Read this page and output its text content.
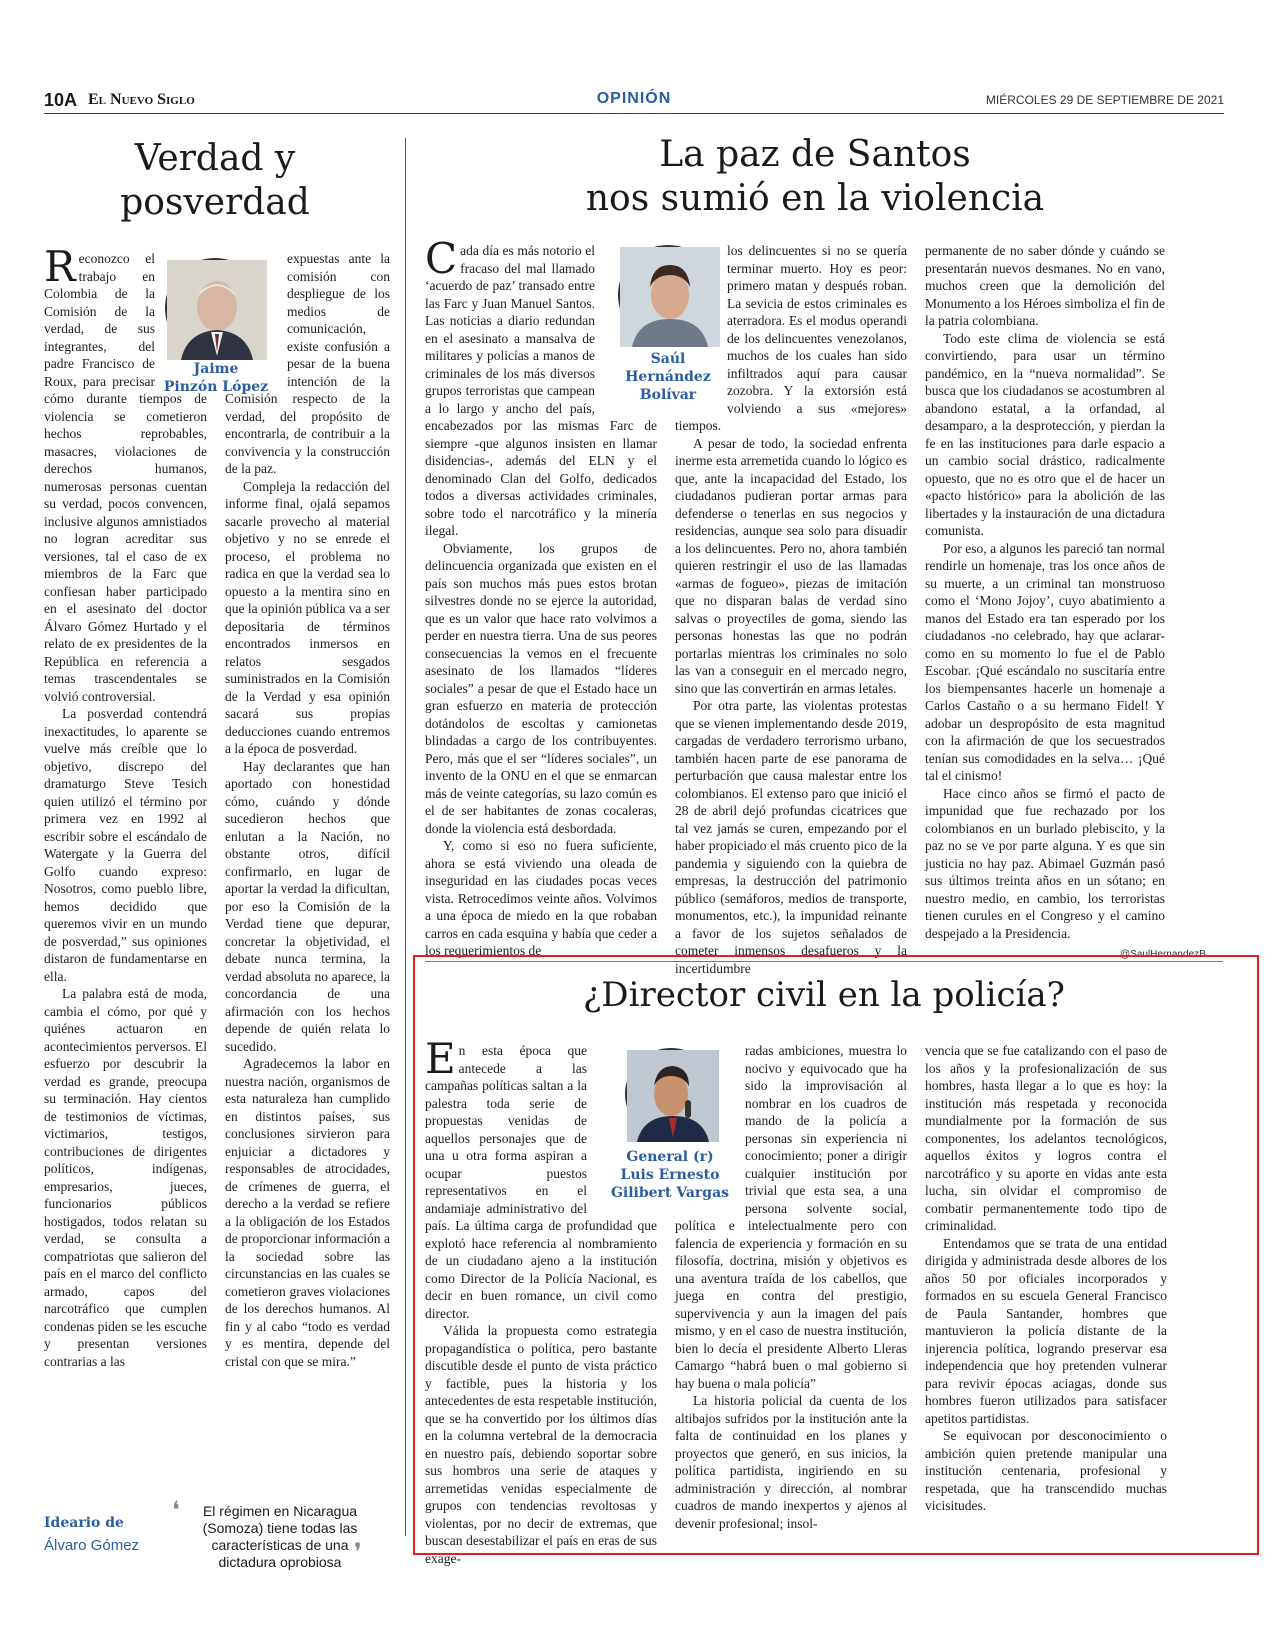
10A El Nuevo Siglo	OPINIÓN	MIÉRCOLES 29 DE SEPTIEMBRE DE 2021
Verdad y posverdad

Reconozco el trabajo en Colombia de la Comisión de la verdad, de sus integrantes, del padre Francisco de Roux, para precisar cómo durante tiempos de violencia se cometieron hechos reprobables, masacres, violaciones de derechos humanos, numerosas personas cuentan su verdad, pocos convencen, inclusive algunos amnistiados no logran acreditar sus versiones, tal el caso de ex miembros de la Farc que confiesan haber participado en el asesinato del doctor Álvaro Gómez Hurtado y el relato de ex presidentes de la República en referencia a temas trascendentales se volvió controversial.

La posverdad contendrá inexactitudes, lo aparente se vuelve más creíble que lo objetivo, discrepo del dramaturgo Steve Tesich quien utilizó el término por primera vez en 1992 al escribir sobre el escándalo de Watergate y la Guerra del Golfo cuando expreso: Nosotros, como pueblo libre, hemos decidido que queremos vivir en un mundo de posverdad,” sus opiniones distaron de fundamentarse en ella.

La palabra está de moda, cambia el cómo, por qué y quiénes actuaron en acontecimientos perversos. El esfuerzo por descubrir la verdad es grande, preocupa su terminación. Hay cientos de testimonios de víctimas, victimarios, testigos, contribuciones de dirigentes políticos, indígenas, empresarios, jueces, funcionarios públicos hostigados, todos relatan su verdad, se consulta a compatriotas que salieron del país en el marco del conflicto armado, capos del narcotráfico que cumplen condenas piden se les escuche y presentan versiones contrarias a las

Jaime
Pinzón López

expuestas ante la comisión con despliegue de los medios de comunicación, existe confusión a pesar de la buena intención de la Comisión respecto de la verdad, del propósito de encontrarla, de contribuir a la convivencia y la construcción de la paz.

Compleja la redacción del informe final, ojalá sepamos sacarle provecho al material objetivo y no se enrede el proceso, el problema no radica en que la verdad sea lo opuesto a la mentira sino en que la opinión pública va a ser depositaria de términos encontrados inmersos en relatos sesgados suministrados en la Comisión de la Verdad y esa opinión sacará sus propias deducciones cuando entremos a la época de posverdad.

Hay declarantes que han aportado con honestidad cómo, cuándo y dónde sucedieron hechos que enlutan a la Nación, no obstante otros, difícil confirmarlo, en lugar de aportar la verdad la dificultan, por eso la Comisión de la Verdad tiene que depurar, concretar la objetividad, el debate nunca termina, la verdad absoluta no aparece, la concordancia de una afirmación con los hechos depende de quién relata lo sucedido.

Agradecemos la labor en nuestra nación, organismos de esta naturaleza han cumplido en distintos países, sus conclusiones sirvieron para enjuiciar a dictadores y responsables de atrocidades, de crímenes de guerra, el derecho a la verdad se refiere a la obligación de los Estados de proporcionar información a la sociedad sobre las circunstancias en las cuales se cometieron graves violaciones de los derechos humanos. Al fin y al cabo “todo es verdad y es mentira, depende del cristal con que se mira.”

Ideario de
Álvaro Gómez
❛	El régimen en Nicaragua (Somoza) tiene todas las características de una dictadura oprobiosa ❜
La paz de Santos
nos sumió en la violencia

Cada día es más notorio el fracaso del mal llamado ‘acuerdo de paz’ transado entre las Farc y Juan Manuel Santos. Las noticias a diario redundan en el asesinato a mansalva de militares y policías a manos de criminales de los más diversos grupos terroristas que campean a lo largo y ancho del país, encabezados por las mismas Farc de siempre -que algunos insisten en llamar disidencias-, además del ELN y el denominado Clan del Golfo, dedicados todos a diversas actividades criminales, sobre todo el narcotráfico y la minería ilegal.

Obviamente, los grupos de delincuencia organizada que existen en el país son muchos más pues estos brotan silvestres donde no se ejerce la autoridad, que es un valor que hace rato volvimos a perder en nuestra tierra. Una de sus peores consecuencias la vemos en el frecuente asesinato de los llamados “líderes sociales” a pesar de que el Estado hace un gran esfuerzo en materia de protección dotándolos de escoltas y camionetas blindadas a cargo de los contribuyentes. Pero, más que el ser “líderes sociales”, un invento de la ONU en el que se enmarcan más de veinte categorías, su lazo común es el de ser habitantes de zonas cocaleras, donde la violencia está desbordada.

Y, como si eso no fuera suficiente, ahora se está viviendo una oleada de inseguridad en las ciudades pocas veces vista. Retrocedimos veinte años. Volvimos a una época de miedo en la que robaban carros en cada esquina y había que ceder a los requerimientos de

Saúl
Hernández
Bolívar

los delincuentes si no se quería terminar muerto. Hoy es peor: primero matan y después roban. La sevicia de estos criminales es aterradora. Es el modus operandi de los delincuentes venezolanos, muchos de los cuales han sido infiltrados aquí para causar zozobra. Y la extorsión está volviendo a sus «mejores» tiempos.

A pesar de todo, la sociedad enfrenta inerme esta arremetida cuando lo lógico es que, ante la incapacidad del Estado, los ciudadanos pudieran portar armas para defenderse o tenerlas en sus negocios y residencias, aunque sea solo para disuadir a los delincuentes. Pero no, ahora también quieren restringir el uso de las llamadas «armas de fogueo», piezas de imitación que no disparan balas de verdad sino salvas o proyectiles de goma, siendo las personas honestas las que no podrán portarlas mientras los criminales no solo las van a conseguir en el mercado negro, sino que las convertirán en armas letales.

Por otra parte, las violentas protestas que se vienen implementando desde 2019, cargadas de verdadero terrorismo urbano, también hacen parte de ese panorama de perturbación que causa malestar entre los colombianos. El extenso paro que inició el 28 de abril dejó profundas cicatrices que tal vez jamás se curen, empezando por el haber propiciado el más cruento pico de la pandemia y siguiendo con la quiebra de empresas, la destrucción del patrimonio público (semáforos, medios de transporte, monumentos, etc.), la impunidad reinante a favor de los sujetos señalados de cometer inmensos desafueros y la incertidumbre

permanente de no saber dónde y cuándo se presentarán nuevos desmanes. No en vano, muchos creen que la demolición del Monumento a los Héroes simboliza el fin de la patria colombiana.

Todo este clima de violencia se está convirtiendo, para usar un término pandémico, en la “nueva normalidad”. Se busca que los ciudadanos se acostumbren al abandono estatal, a la orfandad, al desamparo, a la desprotección, y pierdan la fe en las instituciones para darle espacio a un cambio social drástico, radicalmente opuesto, que no es otro que el de hacer un «pacto histórico» para la abolición de las libertades y la instauración de una dictadura comunista.

Por eso, a algunos les pareció tan normal rendirle un homenaje, tras los once años de su muerte, a un criminal tan monstruoso como el ‘Mono Jojoy’, cuyo abatimiento a manos del Estado era tan esperado por los ciudadanos -no celebrado, hay que aclarar- como en su momento lo fue el de Pablo Escobar. ¡Qué escándalo no suscitaría entre los biempensantes hacerle un homenaje a Carlos Castaño o a su hermano Fidel! Y adobar un despropósito de esta magnitud con la afirmación de que los secuestrados tenían sus comodidades en la selva… ¡Qué tal el cinismo!

Hace cinco años se firmó el pacto de impunidad que fue rechazado por los colombianos en un burlado plebiscito, y la paz no se ve por parte alguna. Y es que sin justicia no hay paz. Abimael Guzmán pasó sus últimos treinta años en un sótano; en nuestro medio, en cambio, los terroristas tienen curules en el Congreso y el camino despejado a la Presidencia.

@SaulHernandezB
¿Director civil en la policía?

En esta época que antecede a las campañas políticas saltan a la palestra toda serie de propuestas venidas de aquellos personajes que de una u otra forma aspiran a ocupar puestos representativos en el andamiaje administrativo del país. La última carga de profundidad que explotó hace referencia al nombramiento de un ciudadano ajeno a la institución como Director de la Policía Nacional, es decir en buen romance, un civil como director.

Válida la propuesta como estrategia propagandística o política, pero bastante discutible desde el punto de vista práctico y factible, pues la historia y los antecedentes de esta respetable institución, que se ha convertido por los últimos días en la columna vertebral de la democracia en nuestro país, debiendo soportar sobre sus hombros una serie de ataques y arremetidas venidas especialmente de grupos con tendencias revoltosas y violentas, por no decir de extremas, que buscan desestabilizar el país en eras de sus exage-

General (r)
Luis Ernesto
Gilibert Vargas

radas ambiciones, muestra lo nocivo y equivocado que ha sido la improvisación al nombrar en los cuadros de mando de la policía a personas sin experiencia ni conocimiento; poner a dirigir cualquier institución por trivial que esta sea, a una persona solvente social, política e intelectualmente pero con falencia de experiencia y formación en su filosofía, doctrina, misión y objetivos es una aventura traída de los cabellos, que juega en contra del prestigio, supervivencia y aun la imagen del país mismo, y en el caso de nuestra institución, bien lo decía el presidente Alberto Lleras Camargo “habrá buen o mal gobierno si hay buena o mala policía”

La historia policial da cuenta de los altibajos sufridos por la institución ante la falta de continuidad en los planes y proyectos que generó, en sus inicios, la política partidista, ingiriendo en su administración y dirección, al nombrar cuadros de mando inexpertos y ajenos al devenir profesional; insol-

vencia que se fue catalizando con el paso de los años y la profesionalización de sus hombres, hasta llegar a lo que es hoy: la institución más respetada y reconocida mundialmente por la formación de sus componentes, los adelantos tecnológicos, aquellos éxitos y logros contra el narcotráfico y su aporte en vidas ante esta lucha, sin olvidar el compromiso de combatir permanentemente todo tipo de criminalidad.

Entendamos que se trata de una entidad dirigida y administrada desde albores de los años 50 por oficiales incorporados y formados en su escuela General Francisco de Paula Santander, hombres que mantuvieron la policía distante de la injerencia política, logrando preservar esa independencia que hoy pretenden vulnerar para revivir épocas aciagas, donde sus hombres fueron utilizados para satisfacer apetitos partidistas.

Se equivocan por desconocimiento o ambición quien pretende manipular una institución centenaria, profesional y respetada, que ha transcendido muchas vicisitudes.
